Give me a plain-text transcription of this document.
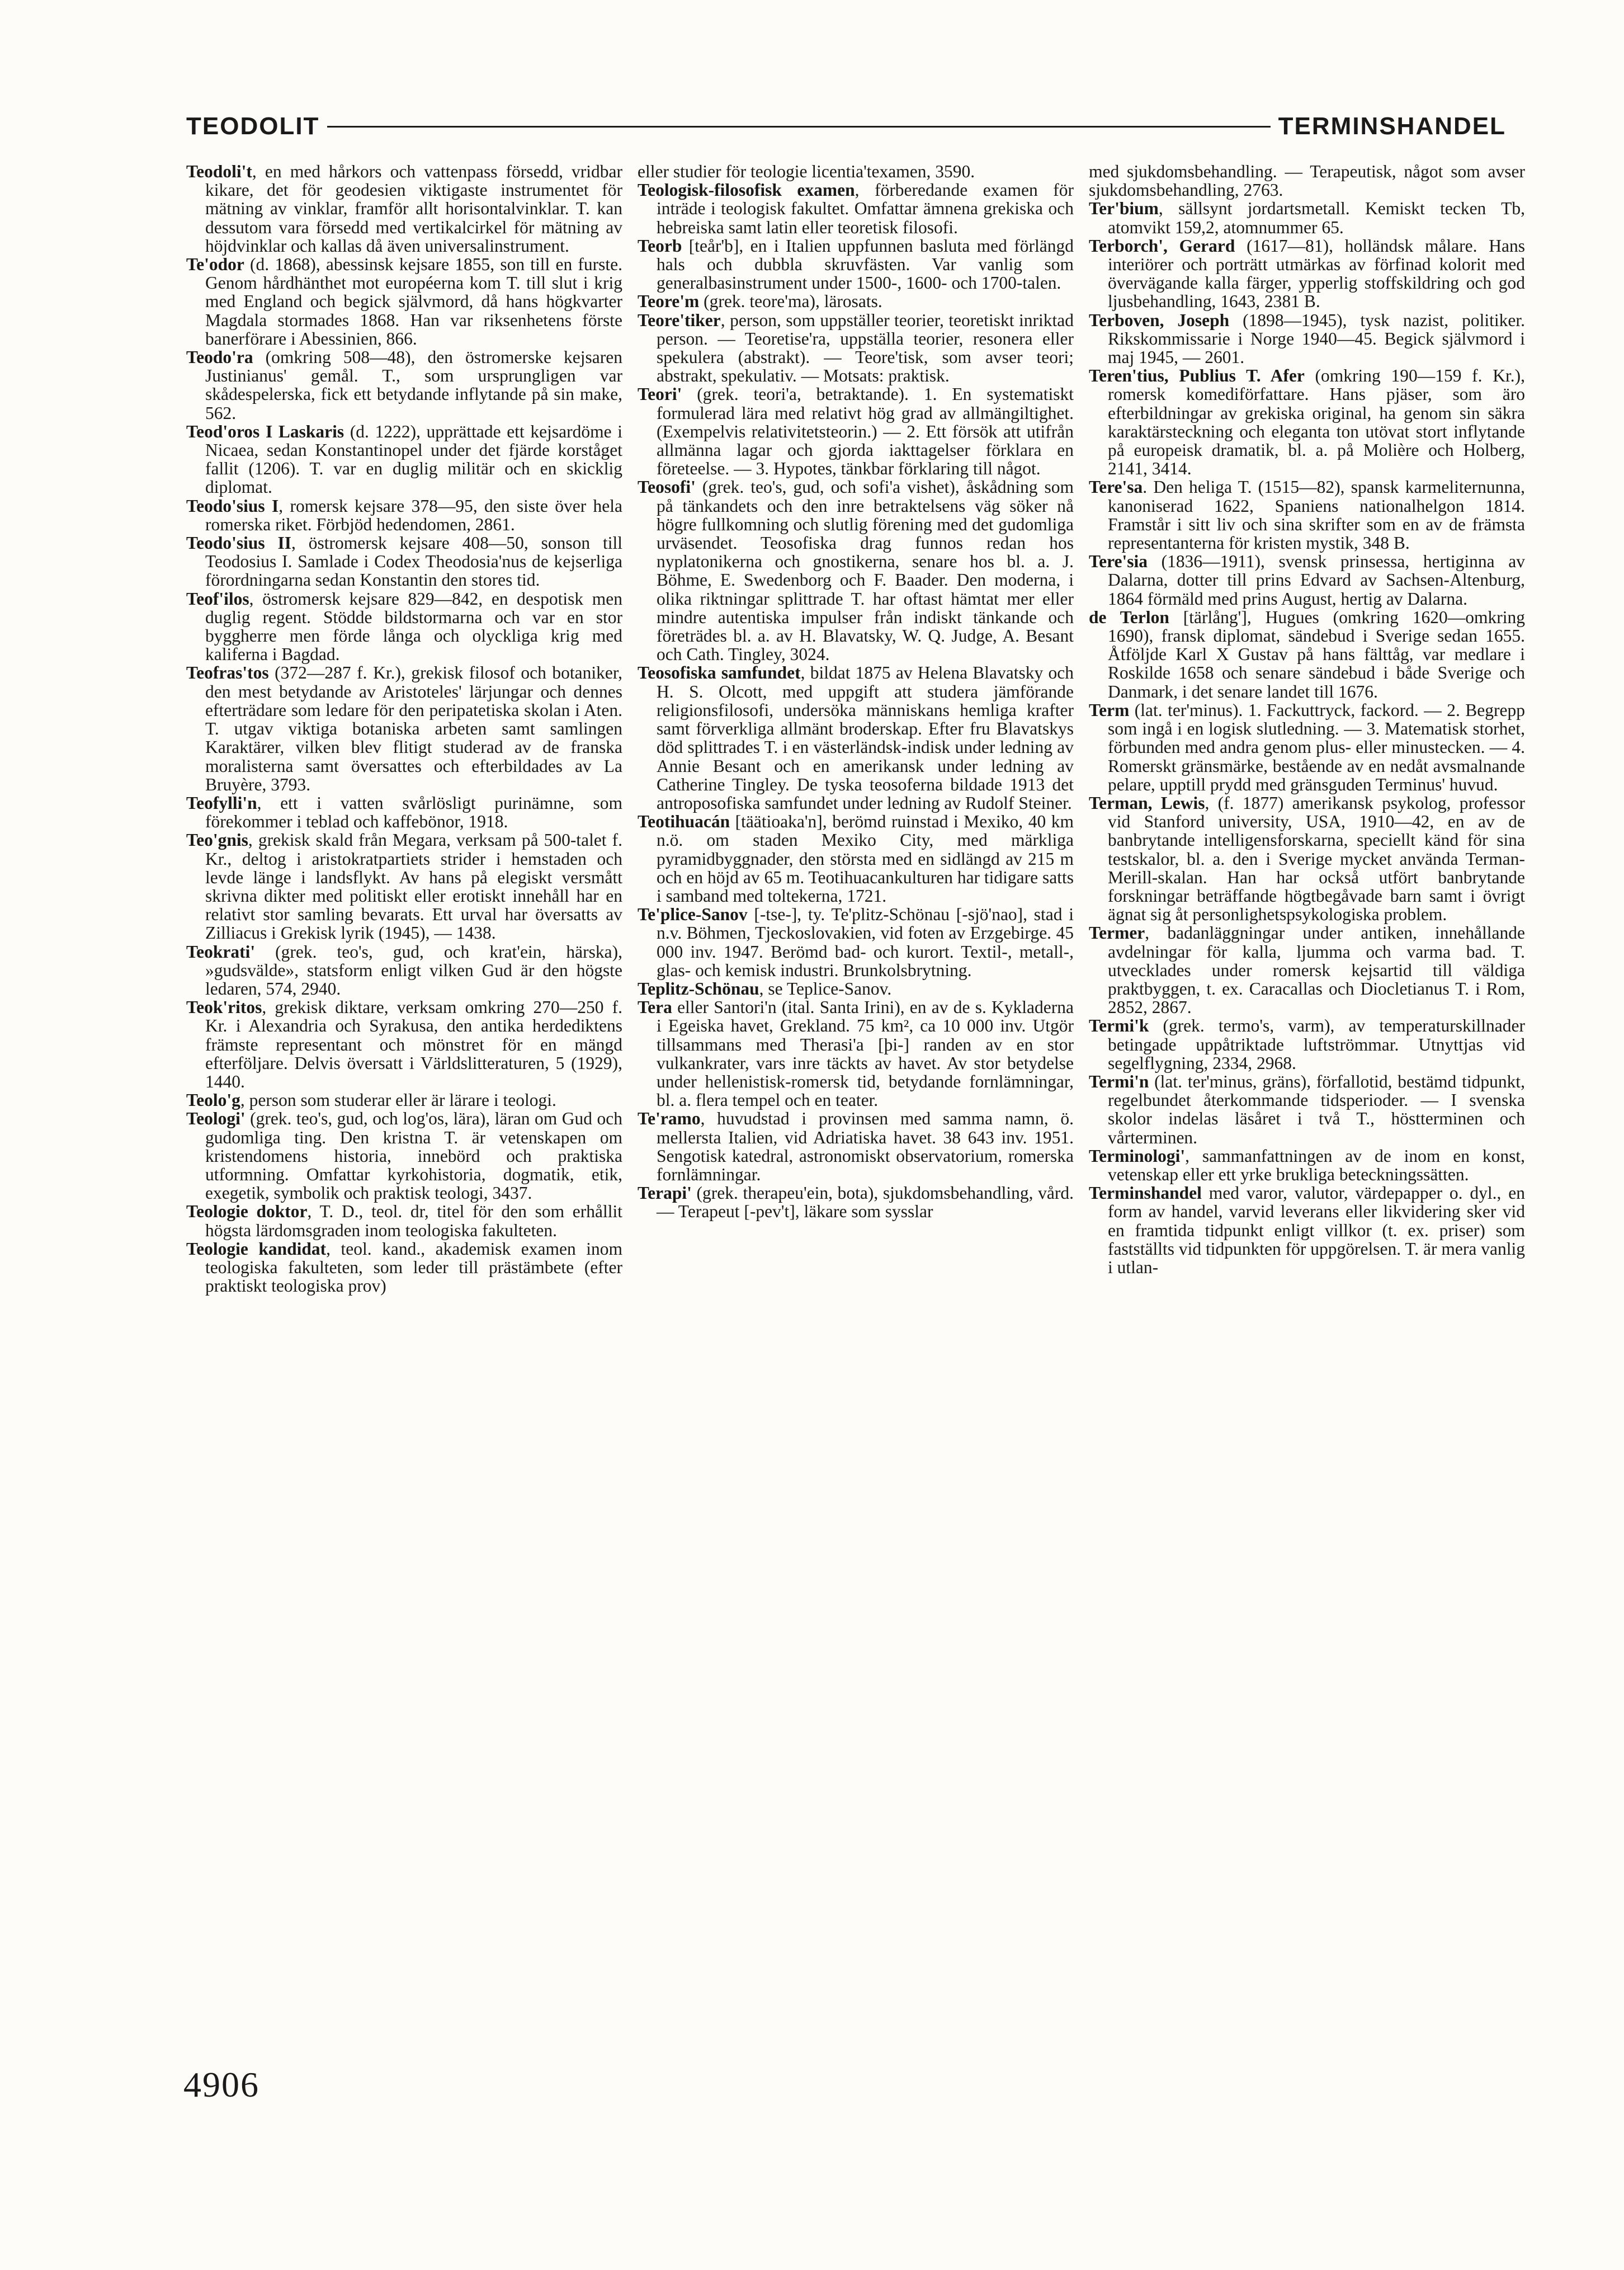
TEODOLIT	TERMINSHANDEL

Teodoli't, en med hårkors och vattenpass försedd, vridbar kikare, det för geodesien viktigaste instrumentet för mätning av vinklar, framför allt horisontalvinklar. T. kan dessutom vara försedd med vertikalcirkel för mätning av höjdvinklar och kallas då även universalinstrument.

Te'odor (d. 1868), abessinsk kejsare 1855, son till en furste. Genom hårdhänthet mot européerna kom T. till slut i krig med England och begick självmord, då hans högkvarter Magdala stormades 1868. Han var riksenhetens förste banerförare i Abessinien, 866.

Teodo'ra (omkring 508—48), den östromerske kejsaren Justinianus' gemål. T., som ursprungligen var skådespelerska, fick ett betydande inflytande på sin make, 562.

Teod'oros I Laskaris (d. 1222), upprättade ett kejsardöme i Nicaea, sedan Konstantinopel under det fjärde korståget fallit (1206). T. var en duglig militär och en skicklig diplomat.

Teodo'sius I, romersk kejsare 378—95, den siste över hela romerska riket. Förbjöd hedendomen, 2861.

Teodo'sius II, östromersk kejsare 408—50, sonson till Teodosius I. Samlade i Codex Theodosia'nus de kejserliga förordningarna sedan Konstantin den stores tid.

Teof'ilos, östromersk kejsare 829—842, en despotisk men duglig regent. Stödde bildstormarna och var en stor byggherre men förde långa och olyckliga krig med kaliferna i Bagdad.

Teofras'tos (372—287 f. Kr.), grekisk filosof och botaniker, den mest betydande av Aristoteles' lärjungar och dennes efterträdare som ledare för den peripatetiska skolan i Aten. T. utgav viktiga botaniska arbeten samt samlingen Karaktärer, vilken blev flitigt studerad av de franska moralisterna samt översattes och efterbildades av La Bruyère, 3793.

Teofylli'n, ett i vatten svårlösligt purinämne, som förekommer i teblad och kaffebönor, 1918.

Teo'gnis, grekisk skald från Megara, verksam på 500-talet f. Kr., deltog i aristokratpartiets strider i hemstaden och levde länge i landsflykt. Av hans på elegiskt versmått skrivna dikter med politiskt eller erotiskt innehåll har en relativt stor samling bevarats. Ett urval har översatts av Zilliacus i Grekisk lyrik (1945), — 1438.

Teokrati' (grek. teo's, gud, och krat'ein, härska), »gudsvälde», statsform enligt vilken Gud är den högste ledaren, 574, 2940.

Teok'ritos, grekisk diktare, verksam omkring 270—250 f. Kr. i Alexandria och Syrakusa, den antika herdediktens främste representant och mönstret för en mängd efterföljare. Delvis översatt i Världslitteraturen, 5 (1929), 1440.

Teolo'g, person som studerar eller är lärare i teologi.

Teologi' (grek. teo's, gud, och log'os, lära), läran om Gud och gudomliga ting. Den kristna T. är vetenskapen om kristendomens historia, innebörd och praktiska utformning. Omfattar kyrkohistoria, dogmatik, etik, exegetik, symbolik och praktisk teologi, 3437.

Teologie doktor, T. D., teol. dr, titel för den som erhållit högsta lärdomsgraden inom teologiska fakulteten.

Teologie kandidat, teol. kand., akademisk examen inom teologiska fakulteten, som leder till prästämbete (efter praktiskt teologiska prov)

eller studier för teologie licentia'texamen, 3590.

Teologisk-filosofisk examen, förberedande examen för inträde i teologisk fakultet. Omfattar ämnena grekiska och hebreiska samt latin eller teoretisk filosofi.

Teorb [teår'b], en i Italien uppfunnen basluta med förlängd hals och dubbla skruvfästen. Var vanlig som generalbasinstrument under 1500-, 1600- och 1700-talen.

Teore'm (grek. teore'ma), lärosats.

Teore'tiker, person, som uppställer teorier, teoretiskt inriktad person. — Teoretise'ra, uppställa teorier, resonera eller spekulera (abstrakt). — Teore'tisk, som avser teori; abstrakt, spekulativ. — Motsats: praktisk.

Teori' (grek. teori'a, betraktande). 1. En systematiskt formulerad lära med relativt hög grad av allmängiltighet. (Exempelvis relativitetsteorin.) — 2. Ett försök att utifrån allmänna lagar och gjorda iakttagelser förklara en företeelse. — 3. Hypotes, tänkbar förklaring till något.

Teosofi' (grek. teo's, gud, och sofi'a vishet), åskådning som på tänkandets och den inre betraktelsens väg söker nå högre fullkomning och slutlig förening med det gudomliga urväsendet. Teosofiska drag funnos redan hos nyplatonikerna och gnostikerna, senare hos bl. a. J. Böhme, E. Swedenborg och F. Baader. Den moderna, i olika riktningar splittrade T. har oftast hämtat mer eller mindre autentiska impulser från indiskt tänkande och företrädes bl. a. av H. Blavatsky, W. Q. Judge, A. Besant och Cath. Tingley, 3024.

Teosofiska samfundet, bildat 1875 av Helena Blavatsky och H. S. Olcott, med uppgift att studera jämförande religionsfilosofi, undersöka människans hemliga krafter samt förverkliga allmänt broderskap. Efter fru Blavatskys död splittrades T. i en västerländsk-indisk under ledning av Annie Besant och en amerikansk under ledning av Catherine Tingley. De tyska teosoferna bildade 1913 det antroposofiska samfundet under ledning av Rudolf Steiner.

Teotihuacán [täätioaka'n], berömd ruinstad i Mexiko, 40 km n.ö. om staden Mexiko City, med märkliga pyramidbyggnader, den största med en sidlängd av 215 m och en höjd av 65 m. Teotihuacankulturen har tidigare satts i samband med toltekerna, 1721.

Te'plice-Sanov [-tse-], ty. Te'plitz-Schönau [-sjö'nao], stad i n.v. Böhmen, Tjeckoslovakien, vid foten av Erzgebirge. 45 000 inv. 1947. Berömd bad- och kurort. Textil-, metall-, glas- och kemisk industri. Brunkolsbrytning.

Teplitz-Schönau, se Teplice-Sanov.

Tera eller Santori'n (ital. Santa Irini), en av de s. Kykladerna i Egeiska havet, Grekland. 75 km², ca 10 000 inv. Utgör tillsammans med Therasi'a [þi-] randen av en stor vulkankrater, vars inre täckts av havet. Av stor betydelse under hellenistisk-romersk tid, betydande fornlämningar, bl. a. flera tempel och en teater.

Te'ramo, huvudstad i provinsen med samma namn, ö. mellersta Italien, vid Adriatiska havet. 38 643 inv. 1951. Sengotisk katedral, astronomiskt observatorium, romerska fornlämningar.

Terapi' (grek. therapeu'ein, bota), sjukdomsbehandling, vård. — Terapeut [-pev't], läkare som sysslar

med sjukdomsbehandling. — Terapeutisk, något som avser sjukdomsbehandling, 2763.

Ter'bium, sällsynt jordartsmetall. Kemiskt tecken Tb, atomvikt 159,2, atomnummer 65.

Terborch', Gerard (1617—81), holländsk målare. Hans interiörer och porträtt utmärkas av förfinad kolorit med övervägande kalla färger, ypperlig stoffskildring och god ljusbehandling, 1643, 2381 B.

Terboven, Joseph (1898—1945), tysk nazist, politiker. Rikskommissarie i Norge 1940—45. Begick självmord i maj 1945, — 2601.

Teren'tius, Publius T. Afer (omkring 190—159 f. Kr.), romersk komediförfattare. Hans pjäser, som äro efterbildningar av grekiska original, ha genom sin säkra karaktärsteckning och eleganta ton utövat stort inflytande på europeisk dramatik, bl. a. på Molière och Holberg, 2141, 3414.

Tere'sa. Den heliga T. (1515—82), spansk karmeliternunna, kanoniserad 1622, Spaniens nationalhelgon 1814. Framstår i sitt liv och sina skrifter som en av de främsta representanterna för kristen mystik, 348 B.

Tere'sia (1836—1911), svensk prinsessa, hertiginna av Dalarna, dotter till prins Edvard av Sachsen-Altenburg, 1864 förmäld med prins August, hertig av Dalarna.

de Terlon [tärlång'], Hugues (omkring 1620—omkring 1690), fransk diplomat, sändebud i Sverige sedan 1655. Åtföljde Karl X Gustav på hans fälttåg, var medlare i Roskilde 1658 och senare sändebud i både Sverige och Danmark, i det senare landet till 1676.

Term (lat. ter'minus). 1. Fackuttryck, fackord. — 2. Begrepp som ingå i en logisk slutledning. — 3. Matematisk storhet, förbunden med andra genom plus- eller minustecken. — 4. Romerskt gränsmärke, bestående av en nedåt avsmalnande pelare, upptill prydd med gränsguden Terminus' huvud.

Terman, Lewis, (f. 1877) amerikansk psykolog, professor vid Stanford university, USA, 1910—42, en av de banbrytande intelligensforskarna, speciellt känd för sina testskalor, bl. a. den i Sverige mycket använda Terman-Merill-skalan. Han har också utfört banbrytande forskningar beträffande högtbegåvade barn samt i övrigt ägnat sig åt personlighetspsykologiska problem.

Termer, badanläggningar under antiken, innehållande avdelningar för kalla, ljumma och varma bad. T. utvecklades under romersk kejsartid till väldiga praktbyggen, t. ex. Caracallas och Diocletianus T. i Rom, 2852, 2867.

Termi'k (grek. termo's, varm), av temperaturskillnader betingade uppåtriktade luftströmmar. Utnyttjas vid segelflygning, 2334, 2968.

Termi'n (lat. ter'minus, gräns), förfallotid, bestämd tidpunkt, regelbundet återkommande tidsperioder. — I svenska skolor indelas läsåret i två T., höstterminen och vårterminen.

Terminologi', sammanfattningen av de inom en konst, vetenskap eller ett yrke brukliga beteckningssätten.

Terminshandel med varor, valutor, värdepapper o. dyl., en form av handel, varvid leverans eller likvidering sker vid en framtida tidpunkt enligt villkor (t. ex. priser) som fastställts vid tidpunkten för uppgörelsen. T. är mera vanlig i utlan-

4906
